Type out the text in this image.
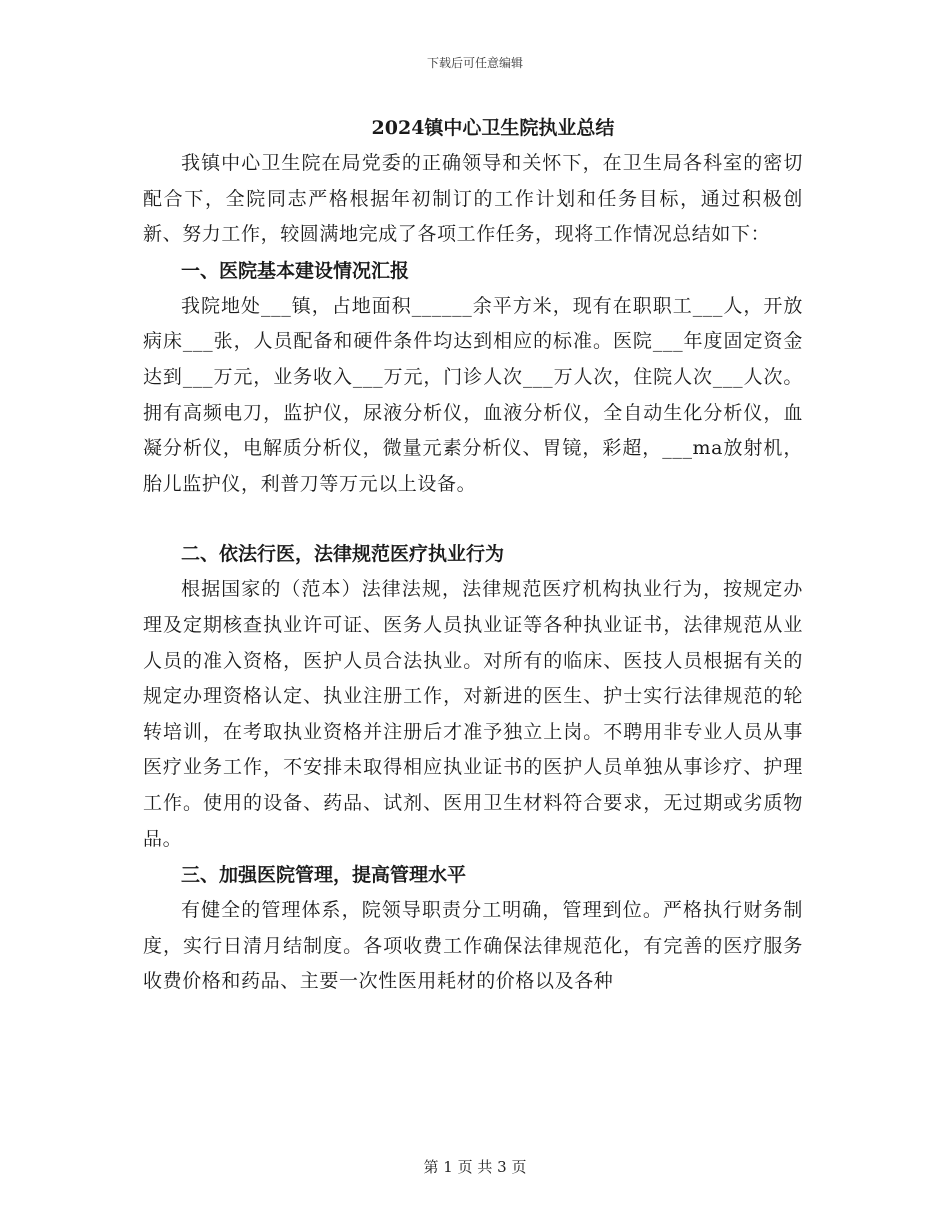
下载后可任意编辑
2024镇中心卫生院执业总结

我镇中心卫生院在局党委的正确领导和关怀下，在卫生局各科室的密切配合下，全院同志严格根据年初制订的工作计划和任务目标，通过积极创新、努力工作，较圆满地完成了各项工作任务，现将工作情况总结如下：

一、医院基本建设情况汇报

我院地处___镇，占地面积______余平方米，现有在职职工___人，开放病床___张，人员配备和硬件条件均达到相应的标准。医院___年度固定资金达到___万元，业务收入___万元，门诊人次___万人次，住院人次___人次。拥有高频电刀，监护仪，尿液分析仪，血液分析仪，全自动生化分析仪，血凝分析仪，电解质分析仪，微量元素分析仪、胃镜，彩超，___ma放射机，胎儿监护仪，利普刀等万元以上设备。

二、依法行医，法律规范医疗执业行为

根据国家的（范本）法律法规，法律规范医疗机构执业行为，按规定办理及定期核查执业许可证、医务人员执业证等各种执业证书，法律规范从业人员的准入资格，医护人员合法执业。对所有的临床、医技人员根据有关的规定办理资格认定、执业注册工作，对新进的医生、护士实行法律规范的轮转培训，在考取执业资格并注册后才准予独立上岗。不聘用非专业人员从事医疗业务工作，不安排未取得相应执业证书的医护人员单独从事诊疗、护理工作。使用的设备、药品、试剂、医用卫生材料符合要求，无过期或劣质物品。

三、加强医院管理，提高管理水平

有健全的管理体系，院领导职责分工明确，管理到位。严格执行财务制度，实行日清月结制度。各项收费工作确保法律规范化，有完善的医疗服务收费价格和药品、主要一次性医用耗材的价格以及各种

第 1 页 共 3 页
